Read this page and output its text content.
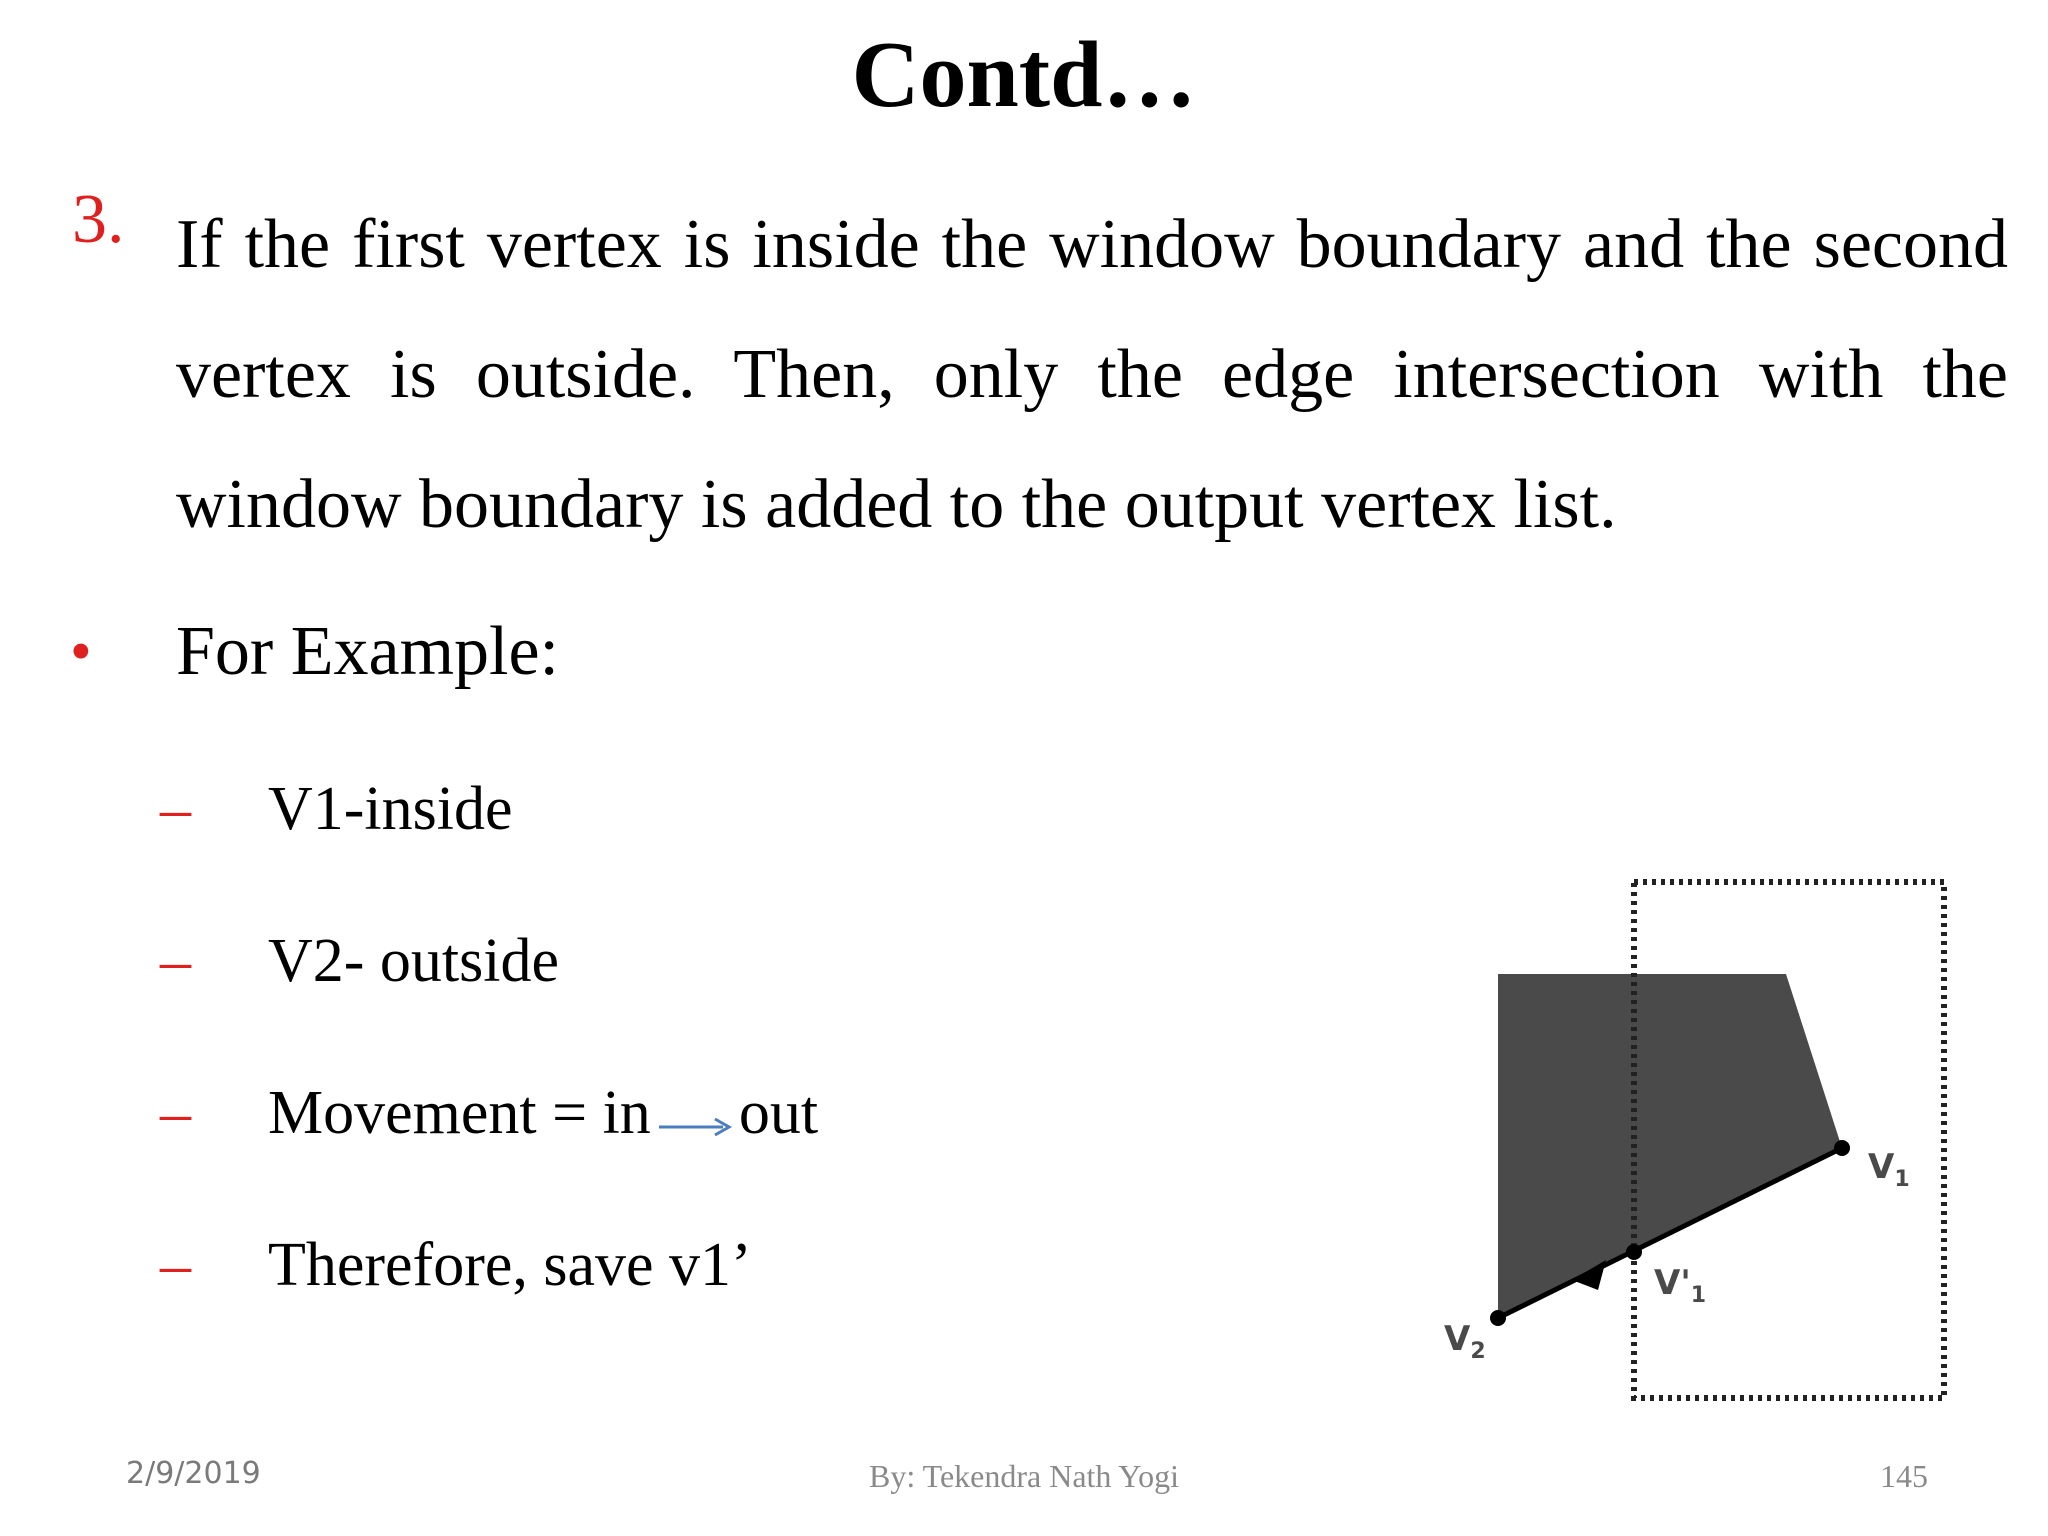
Contd…
3. If the first vertex is inside the window boundary and the second vertex is outside. Then, only the edge intersection with the window boundary is added to the output vertex list.
• For Example:
– V1-inside
– V2- outside
– Movement = in out
– Therefore, save v1’
$V_1$
$V'_1$
$V_2$
2/9/2019	By: Tekendra Nath Yogi	145
